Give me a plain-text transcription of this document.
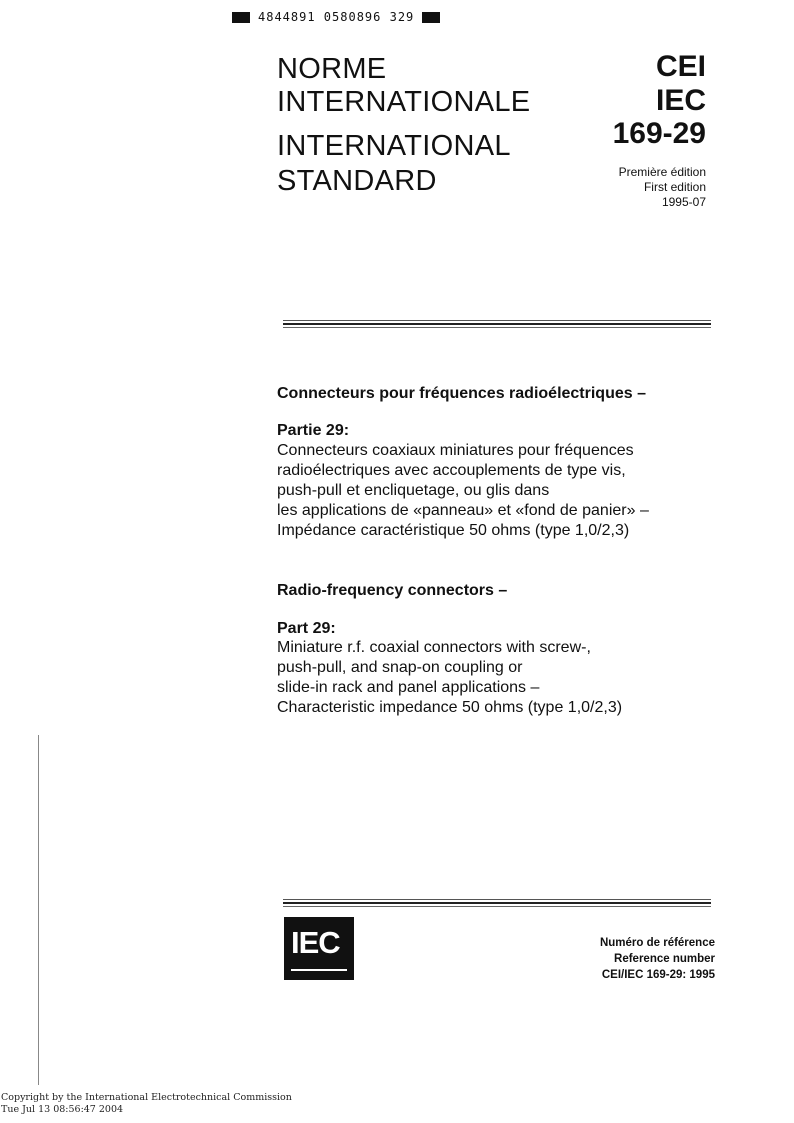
4844891 0580896 329
NORME
INTERNATIONALE
INTERNATIONAL
STANDARD
CEI
IEC
169-29
Première édition
First edition
1995-07
Connecteurs pour fréquences radioélectriques –
Partie 29:
Connecteurs coaxiaux miniatures pour fréquences
radioélectriques avec accouplements de type vis,
push-pull et encliquetage, ou glis dans
les applications de «panneau» et «fond de panier» –
Impédance caractéristique 50 ohms (type 1,0/2,3)
Radio-frequency connectors –
Part 29:
Miniature r.f. coaxial connectors with screw-,
push-pull, and snap-on coupling or
slide-in rack and panel applications –
Characteristic impedance 50 ohms (type 1,0/2,3)
IEC	Numéro de référence
Reference number
CEI/IEC 169-29: 1995
Copyright by the International Electrotechnical Commission
Tue Jul 13 08:56:47 2004
